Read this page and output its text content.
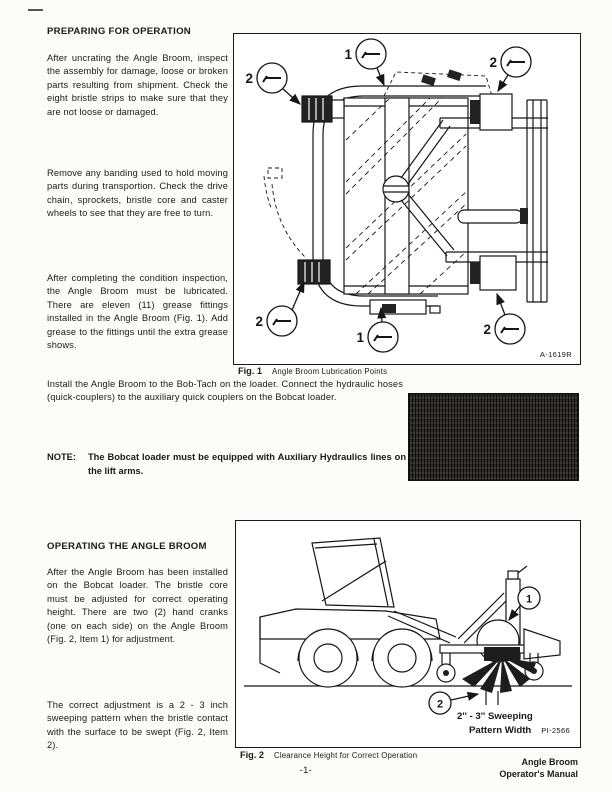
PREPARING FOR OPERATION
After uncrating the Angle Broom, inspect the assembly for damage, loose or broken parts resulting from shipment. Check the eight bristle strips to make sure that they are not loose or damaged.
Remove any banding used to hold moving parts during transportion. Check the drive chain, sprockets, bristle core and caster wheels to see that they are free to turn.
After completing the condition inspection, the Angle Broom must be lubricated. There are eleven (11) grease fittings installed in the Angle Broom (Fig. 1). Add grease to the fittings until the extra grease shows.
1
2
2
2
1
2
A-1619R
Fig. 1 Angle Broom Lubrication Points
Install the Angle Broom to the Bob-Tach on the loader. Connect the hydraulic hoses (quick-couplers) to the auxiliary quick couplers on the Bobcat loader.
NOTE: The Bobcat loader must be equipped with Auxiliary Hydraulics lines on the lift arms.
OPERATING THE ANGLE BROOM
After the Angle Broom has been installed on the Bobcat loader. The bristle core must be adjusted for correct operating height. There are two (2) hand cranks (one on each side) on the Angle Broom (Fig. 2, Item 1) for adjustment.
The correct adjustment is a 2 - 3 inch sweeping pattern when the bristle contact with the surface to be swept (Fig. 2, Item 2).
1
2
2'' - 3'' Sweeping
Pattern Width PI-2566
Fig. 2 Clearance Height for Correct Operation
-1-
Angle Broom
Operator's Manual
